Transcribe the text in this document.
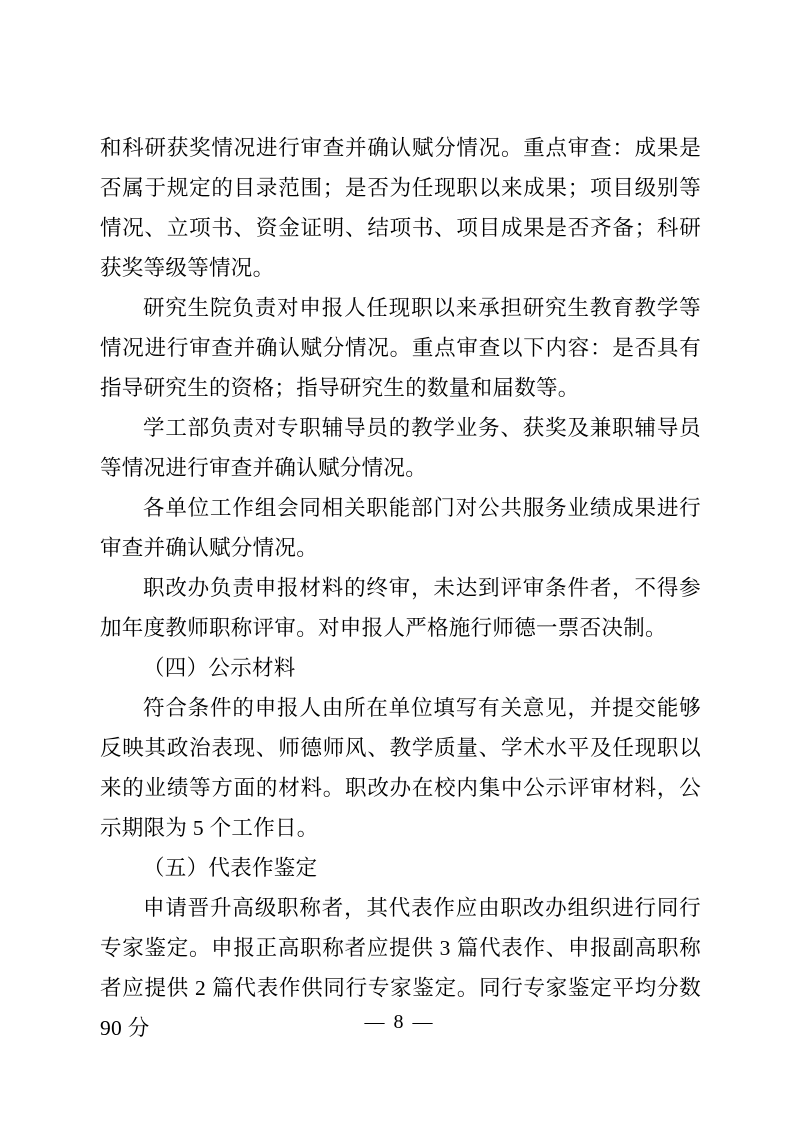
和科研获奖情况进行审查并确认赋分情况。重点审查：成果是否属于规定的目录范围；是否为任现职以来成果；项目级别等情况、立项书、资金证明、结项书、项目成果是否齐备；科研获奖等级等情况。

研究生院负责对申报人任现职以来承担研究生教育教学等情况进行审查并确认赋分情况。重点审查以下内容：是否具有指导研究生的资格；指导研究生的数量和届数等。

学工部负责对专职辅导员的教学业务、获奖及兼职辅导员等情况进行审查并确认赋分情况。

各单位工作组会同相关职能部门对公共服务业绩成果进行审查并确认赋分情况。

职改办负责申报材料的终审，未达到评审条件者，不得参加年度教师职称评审。对申报人严格施行师德一票否决制。

（四）公示材料

符合条件的申报人由所在单位填写有关意见，并提交能够反映其政治表现、师德师风、教学质量、学术水平及任现职以来的业绩等方面的材料。职改办在校内集中公示评审材料，公示期限为 5 个工作日。

（五）代表作鉴定

申请晋升高级职称者，其代表作应由职改办组织进行同行专家鉴定。申报正高职称者应提供 3 篇代表作、申报副高职称者应提供 2 篇代表作供同行专家鉴定。同行专家鉴定平均分数 90 分	— 8 —
